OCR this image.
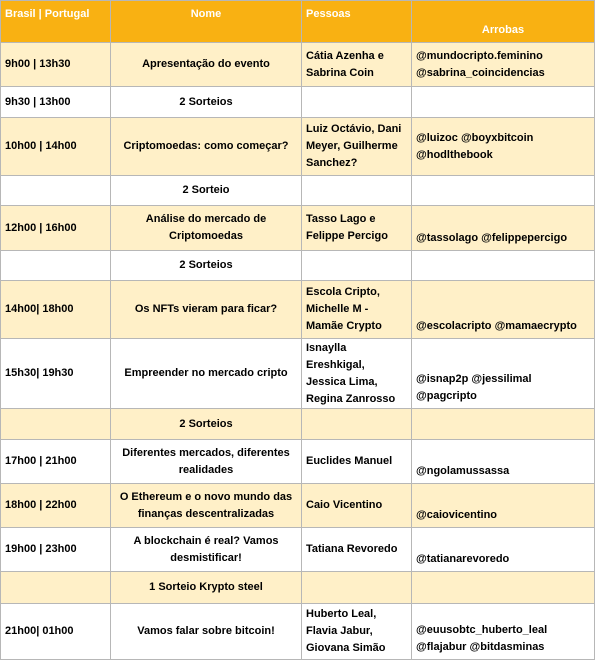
Brasil | Portugal	Nome	Pessoas	Arrobas
9h00 | 13h30	Apresentação do evento	Cátia Azenha e Sabrina Coin	@mundocripto.feminino @sabrina_coincidencias
9h30 | 13h00	2 Sorteios		
10h00 | 14h00	Criptomoedas: como começar?	Luiz Octávio, Dani Meyer, Guilherme Sanchez?	@luizoc @boyxbitcoin @hodlthebook
	2 Sorteio		
12h00 | 16h00	Análise do mercado de Criptomoedas	Tasso Lago e Felippe Percigo	@tassolago @felippepercigo
	2 Sorteios		
14h00| 18h00	Os NFTs vieram para ficar?	Escola Cripto, Michelle M - Mamãe Crypto	@escolacripto @mamaecrypto
15h30| 19h30	Empreender no mercado cripto	Isnaylla Ereshkigal, Jessica Lima, Regina Zanrosso	@isnap2p @jessilimal @pagcripto
	2 Sorteios		
17h00 | 21h00	Diferentes mercados, diferentes realidades	Euclides Manuel	@ngolamussassa
18h00 | 22h00	O Ethereum e o novo mundo das finanças descentralizadas	Caio Vicentino	@caiovicentino
19h00 | 23h00	A blockchain é real? Vamos desmistificar!	Tatiana Revoredo	@tatianarevoredo
	1 Sorteio Krypto steel		
21h00| 01h00	Vamos falar sobre bitcoin!	Huberto Leal, Flavia Jabur, Giovana Simão	@euusobtc_huberto_leal @flajabur @bitdasminas
